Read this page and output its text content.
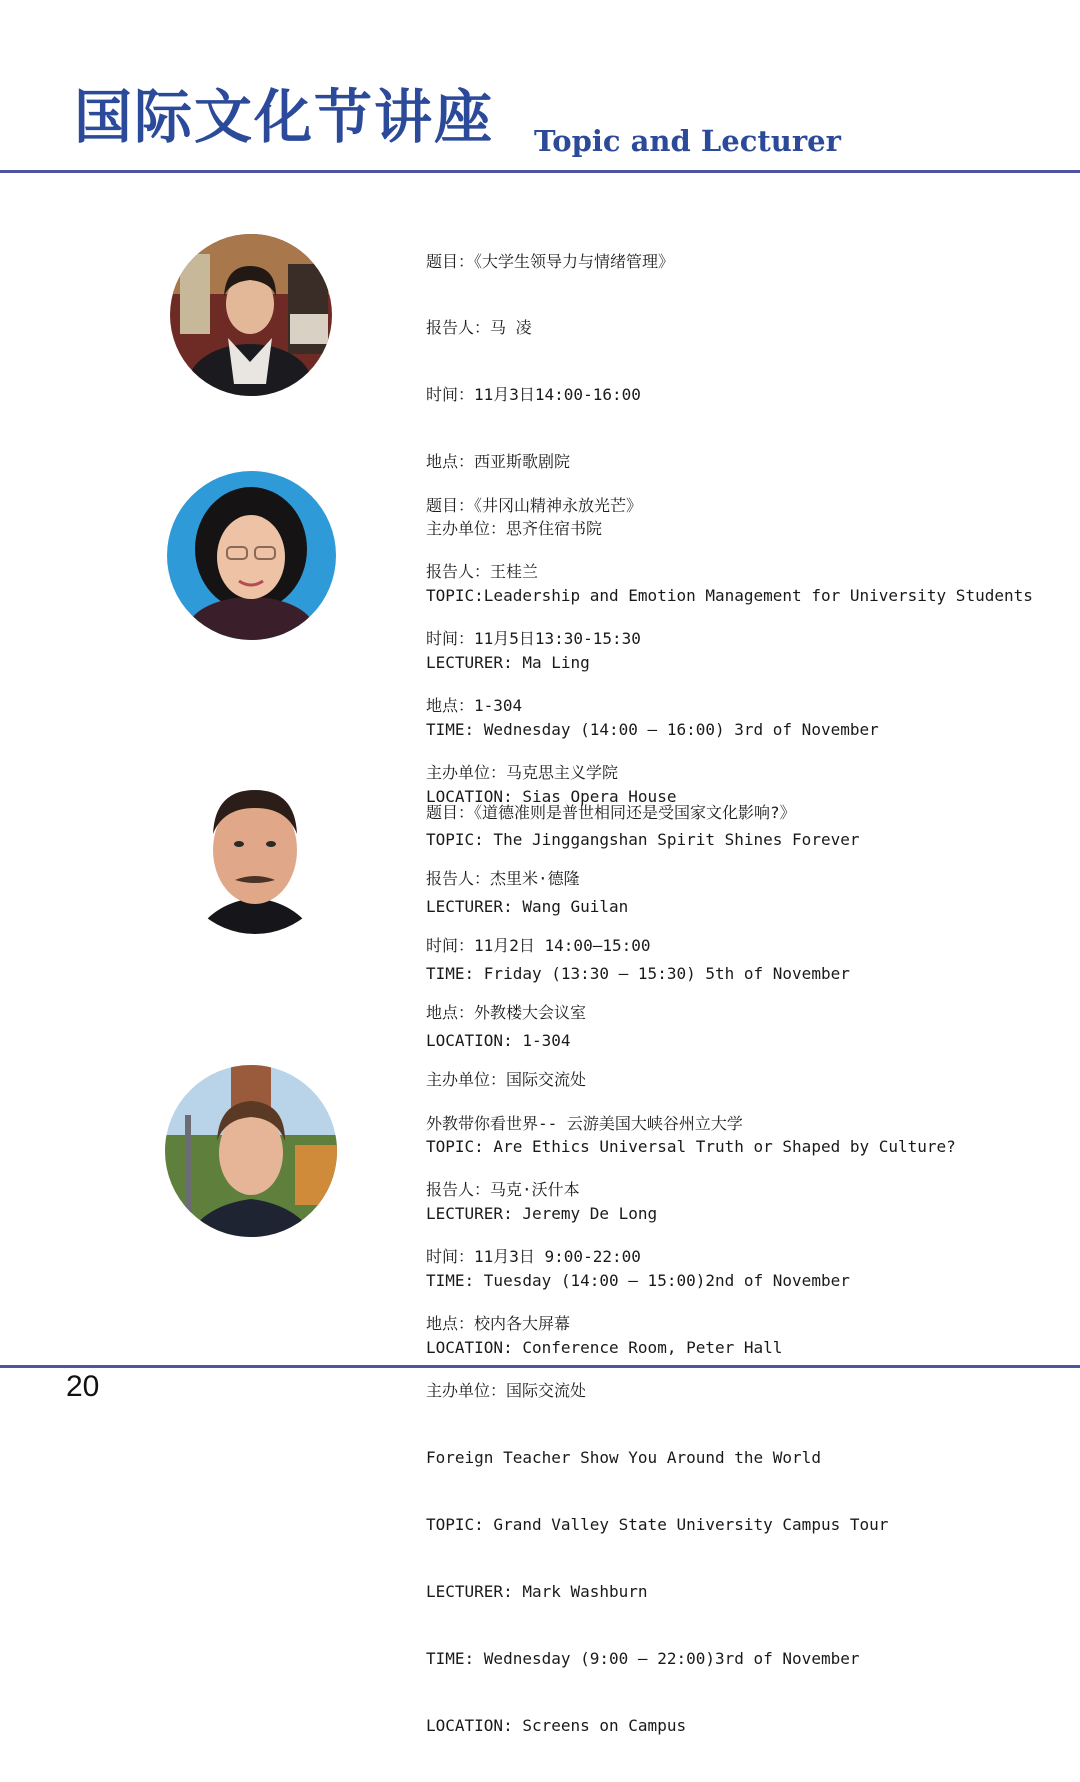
国际文化节讲座 Topic and Lecturer

题目：《大学生领导力与情绪管理》

报告人：马 凌

时间：11月3日14:00-16:00

地点：西亚斯歌剧院

主办单位：思齐住宿书院

TOPIC:Leadership and Emotion Management for University Students

LECTURER: Ma Ling

TIME: Wednesday (14:00 – 16:00) 3rd of November

LOCATION: Sias Opera House

题目：《井冈山精神永放光芒》

报告人：王桂兰

时间：11月5日13:30-15:30

地点：1-304

主办单位：马克思主义学院

TOPIC: The Jinggangshan Spirit Shines Forever

LECTURER: Wang Guilan

TIME: Friday (13:30 – 15:30) 5th of November

LOCATION: 1-304

题目：《道德准则是普世相同还是受国家文化影响?》

报告人：杰里米·德隆

时间：11月2日 14:00—15:00

地点：外教楼大会议室

主办单位：国际交流处

TOPIC: Are Ethics Universal Truth or Shaped by Culture?

LECTURER: Jeremy De Long

TIME: Tuesday (14:00 – 15:00)2nd of November

LOCATION: Conference Room, Peter Hall

外教带你看世界-- 云游美国大峡谷州立大学

报告人：马克·沃什本

时间：11月3日 9:00-22:00

地点：校内各大屏幕

主办单位：国际交流处

Foreign Teacher Show You Around the World

TOPIC: Grand Valley State University Campus Tour

LECTURER: Mark Washburn

TIME: Wednesday (9:00 – 22:00)3rd of November

LOCATION: Screens on Campus

20
